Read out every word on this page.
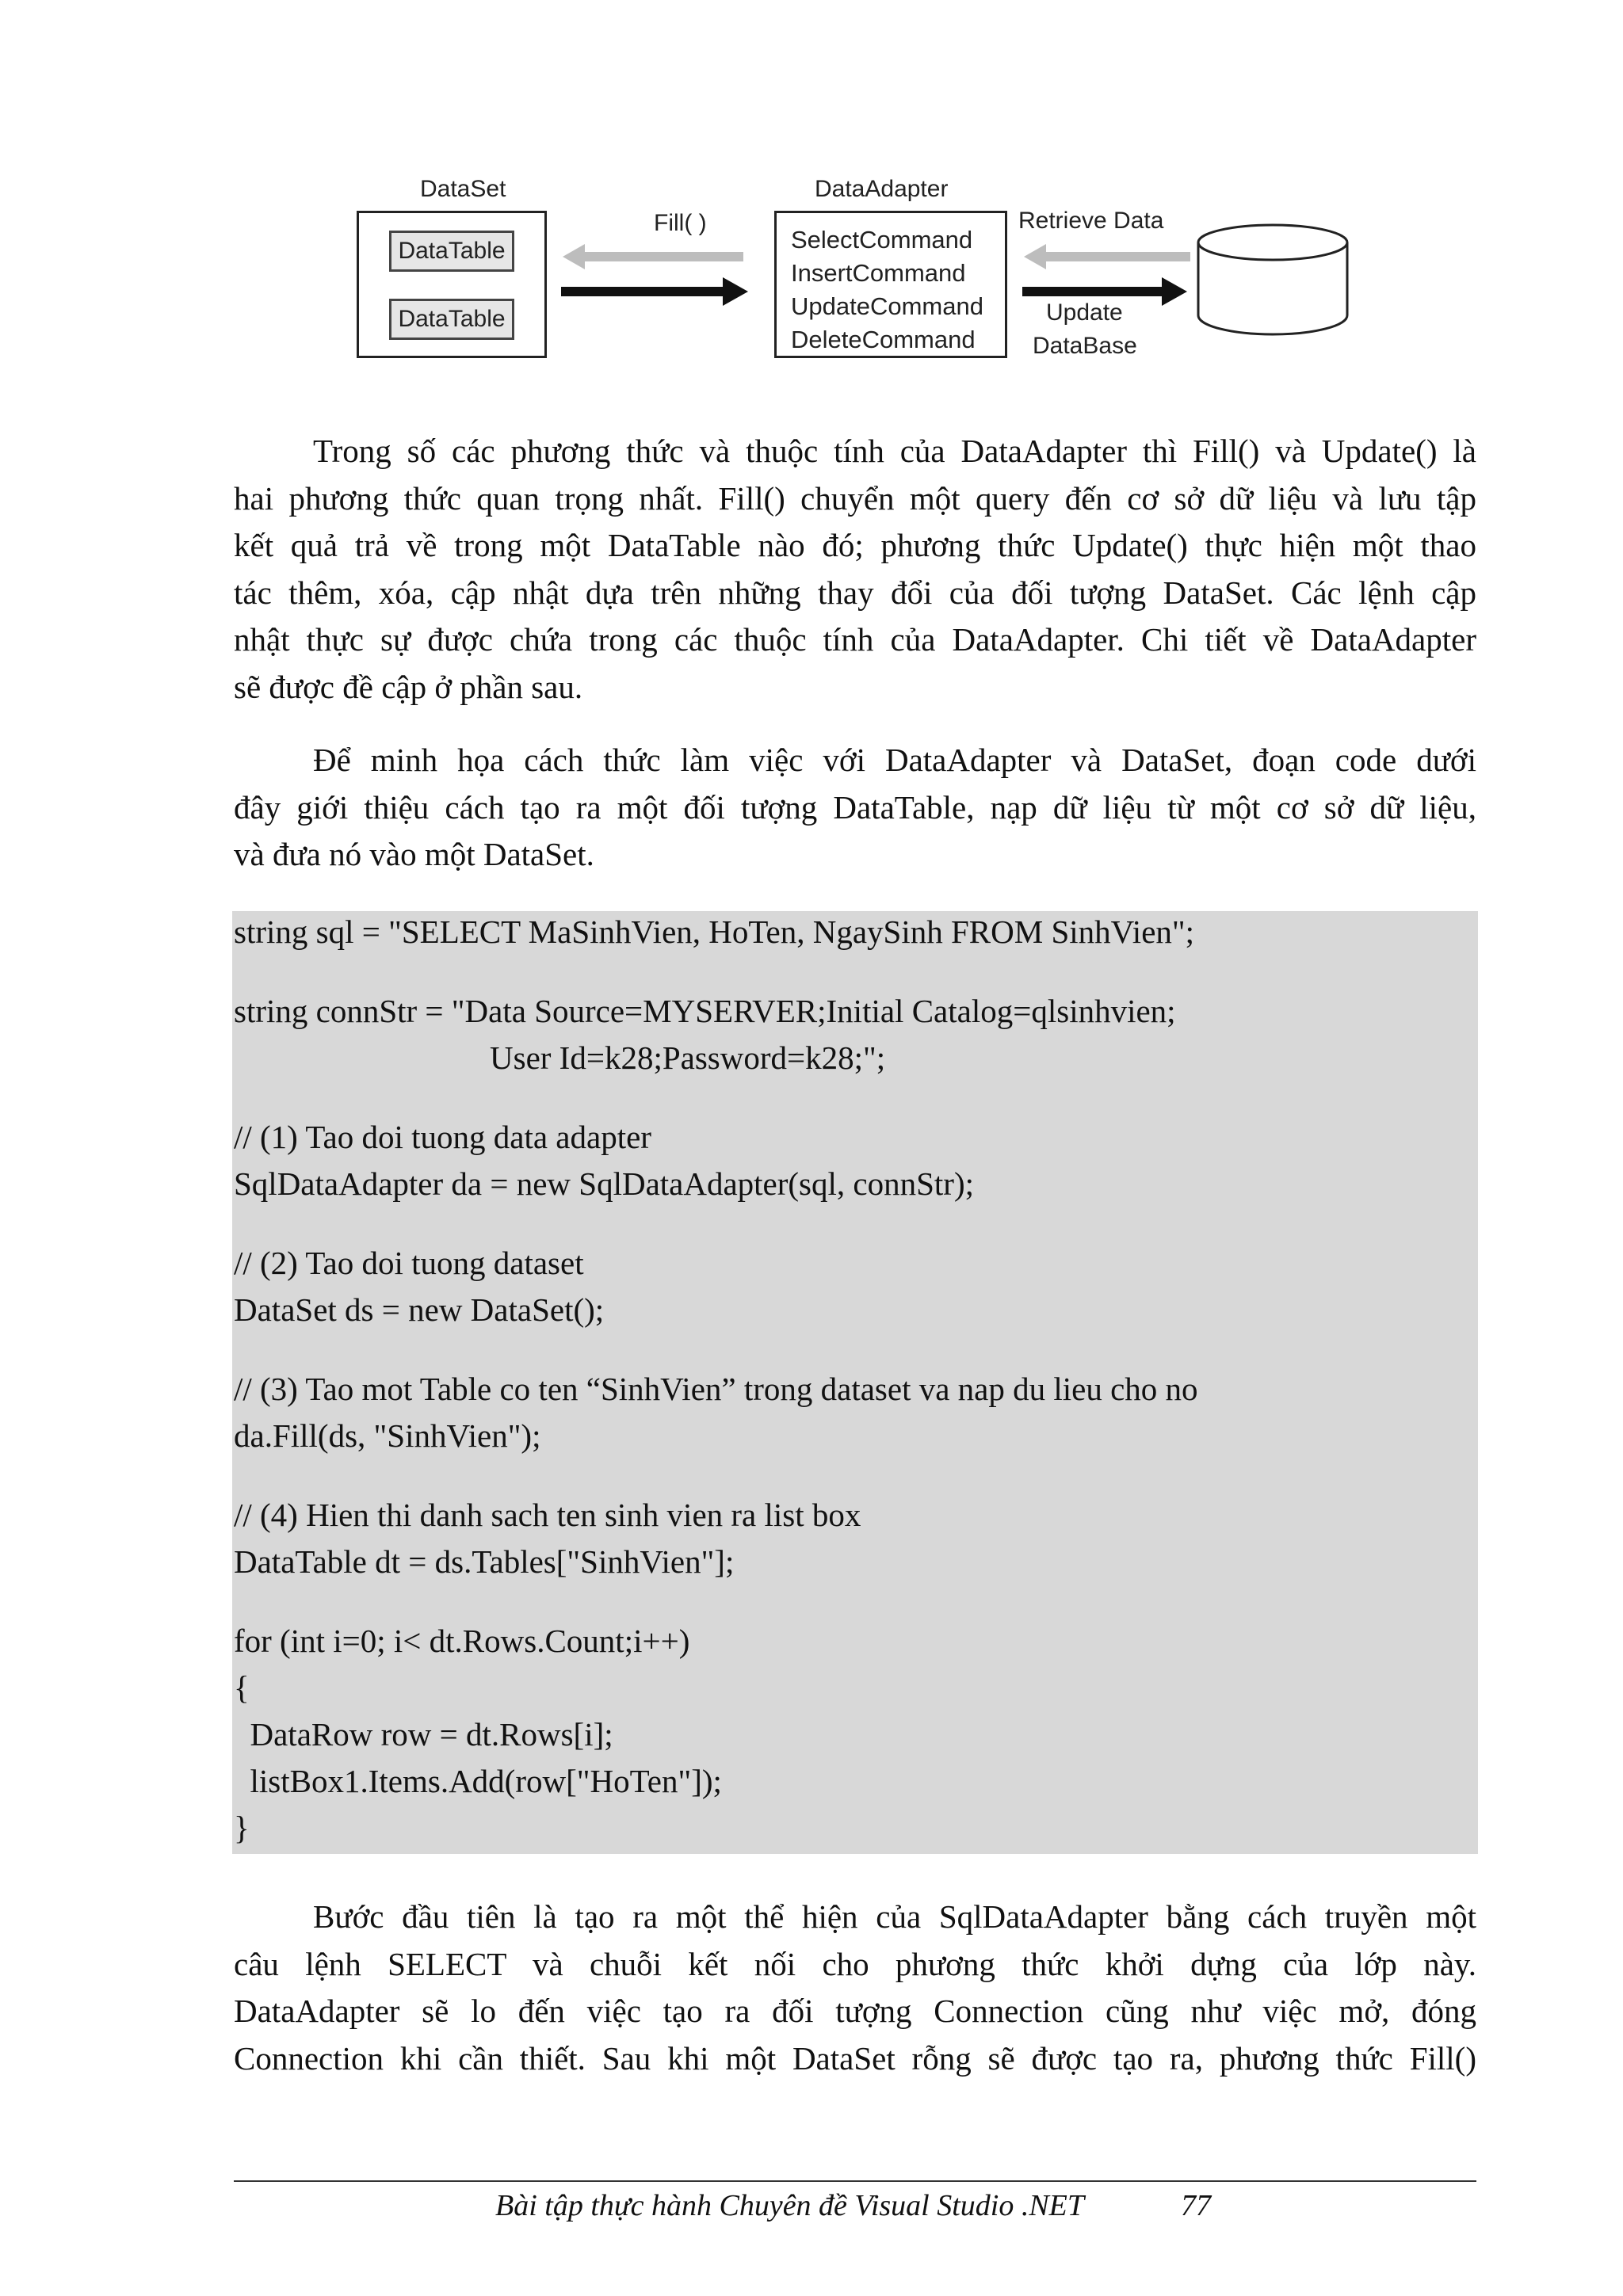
DataSet
DataTable
DataTable
Fill( )
DataAdapter
SelectCommand
InsertCommand
UpdateCommand
DeleteCommand
Retrieve Data
Update
DataBase
Trong số các phương thức và thuộc tính của DataAdapter thì Fill() và Update() là
hai phương thức quan trọng nhất. Fill() chuyển một query đến cơ sở dữ liệu và lưu tập
kết quả trả về trong một DataTable nào đó; phương thức Update() thực hiện một thao
tác thêm, xóa, cập nhật dựa trên những thay đổi của đối tượng DataSet. Các lệnh cập
nhật thực sự được chứa trong các thuộc tính của DataAdapter. Chi tiết về DataAdapter
sẽ được đề cập ở phần sau.
Để minh họa cách thức làm việc với DataAdapter và DataSet, đoạn code dưới
đây giới thiệu cách tạo ra một đối tượng DataTable, nạp dữ liệu từ một cơ sở dữ liệu,
và đưa nó vào một DataSet.
string sql = "SELECT MaSinhVien, HoTen, NgaySinh FROM SinhVien";
string connStr = "Data Source=MYSERVER;Initial Catalog=qlsinhvien;
User Id=k28;Password=k28;";
// (1) Tao doi tuong data adapter
SqlDataAdapter da = new SqlDataAdapter(sql, connStr);
// (2) Tao doi tuong dataset
DataSet ds = new DataSet();
// (3) Tao mot Table co ten “SinhVien” trong dataset va nap du lieu cho no
da.Fill(ds, "SinhVien");
// (4) Hien thi danh sach ten sinh vien ra list box
DataTable dt = ds.Tables["SinhVien"];
for (int i=0; i< dt.Rows.Count;i++)
{
DataRow row = dt.Rows[i];
listBox1.Items.Add(row["HoTen"]);
}
Bước đầu tiên là tạo ra một thể hiện của SqlDataAdapter bằng cách truyền một
câu lệnh SELECT và chuỗi kết nối cho phương thức khởi dựng của lớp này.
DataAdapter sẽ lo đến việc tạo ra đối tượng Connection cũng như việc mở, đóng
Connection khi cần thiết. Sau khi một DataSet rỗng sẽ được tạo ra, phương thức Fill()
Bài tập thực hành Chuyên đề Visual Studio .NET	77
